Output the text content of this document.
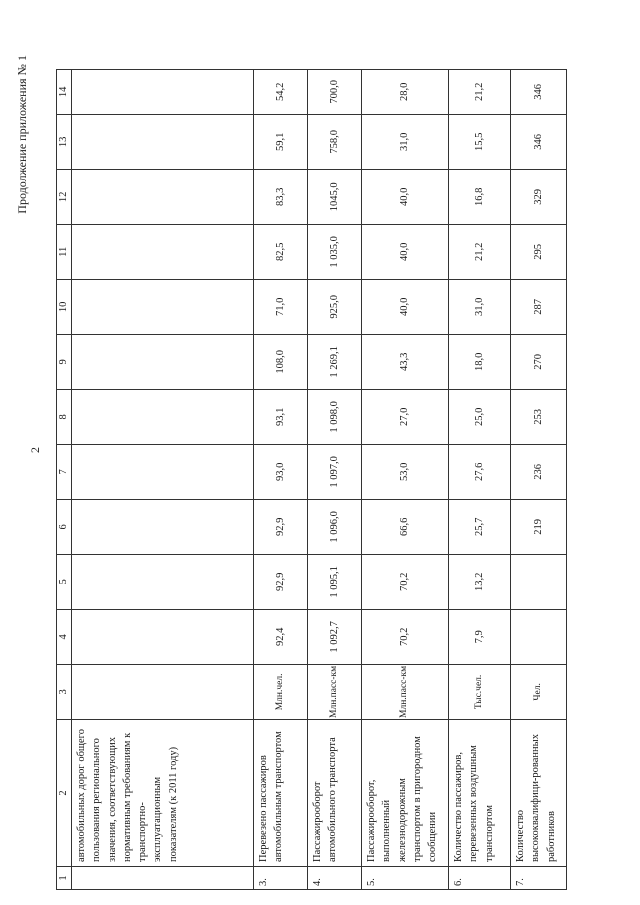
Продолжение приложения № 1
2
1	2	3	4	5	6	7	8	9	10	11	12	13	14
	автомобильных дорог общего пользования регионального значения, соответствующих нормативным требованиям к транспортно-эксплуатационным показателям (к 2011 году)												
3.	Перевезено пассажиров автомобильным транспортом	Млн.чел.	92,4	92,9	92,9	93,0	93,1	108,0	71,0	82,5	83,3	59,1	54,2
4.	Пассажирооборот автомобильного транспорта	Млн.пасс-км	1 092,7	1 095,1	1 096,0	1 097,0	1 098,0	1 269,1	925,0	1 035,0	1045,0	758,0	700,0
5.	Пассажирооборот, выполненный железнодорожным транспортом в пригородном сообщении	Млн.пасс-км	70,2	70,2	66,6	53,0	27,0	43,3	40,0	40,0	40,0	31,0	28,0
6.	Количество пассажиров, перевезенных воздушным транспортом	Тыс.чел.	7,9	13,2	25,7	27,6	25,0	18,0	31,0	21,2	16,8	15,5	21,2
7.	Количество высококвалифици-рованных работников	Чел.			219	236	253	270	287	295	329	346	346
